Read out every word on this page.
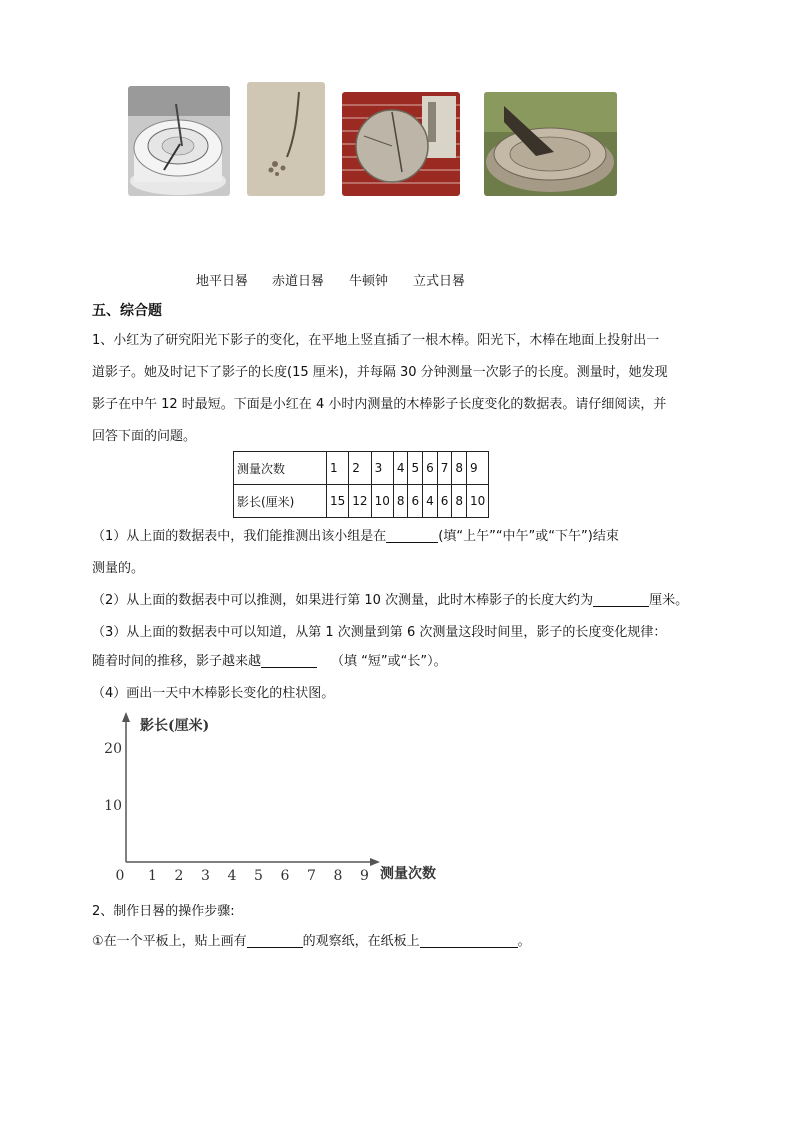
地平日晷 赤道日晷 牛顿钟 立式日晷
五、综合题
1、小红为了研究阳光下影子的变化，在平地上竖直插了一根木棒。阳光下，木棒在地面上投射出一
道影子。她及时记下了影子的长度(15 厘米)，并每隔 30 分钟测量一次影子的长度。测量时，她发现
影子在中午 12 时最短。下面是小红在 4 小时内测量的木棒影子长度变化的数据表。请仔细阅读，并
回答下面的问题。
测量次数	1	2	3	4	5	6	7	8	9
影长(厘米)	15	12	10	8	6	4	6	8	10
（1）从上面的数据表中，我们能推测出该小组是在	(填“上午”“中午”或“下午”)结束
测量的。
（2）从上面的数据表中可以推测，如果进行第 10 次测量，此时木棒影子的长度大约为	厘米。
（3）从上面的数据表中可以知道，从第 1 次测量到第 6 次测量这段时间里，影子的长度变化规律：
随着时间的推移，影子越来越	（填 “短”或“长”）。
（4）画出一天中木棒影长变化的柱状图。
影长(厘米)
测量次数
10
20
0 1 2 3 4 5 6 7 8 9
2、制作日晷的操作步骤:
①在一个平板上，贴上画有	的观察纸，在纸板上	。
